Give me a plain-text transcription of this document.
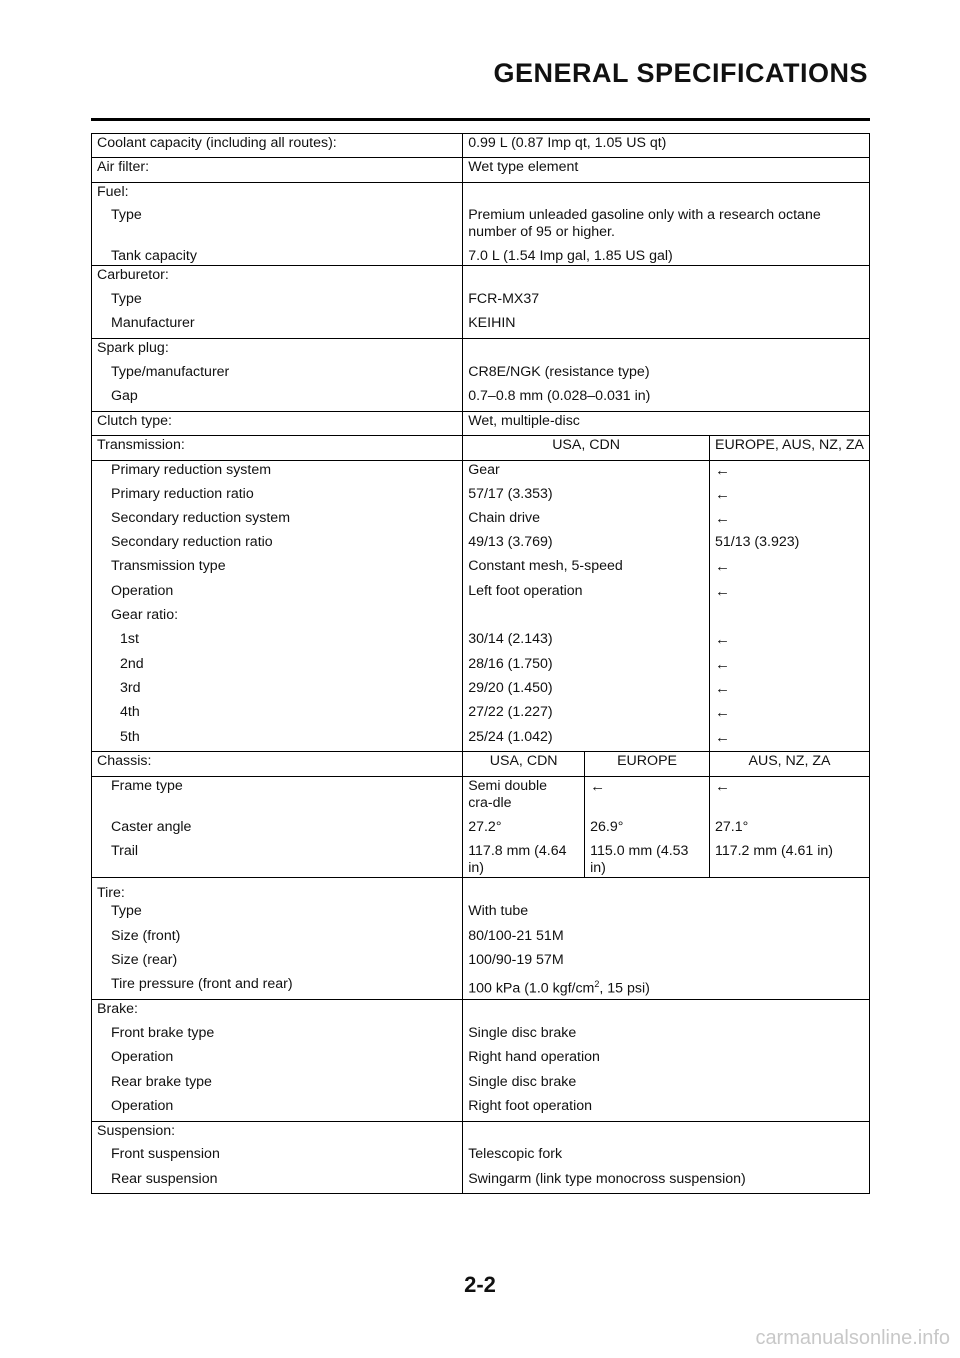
GENERAL SPECIFICATIONS
Coolant capacity (including all routes):	0.99 L (0.87 Imp qt, 1.05 US qt)		
Air filter:	Wet type element		
Fuel:			
Type	Premium unleaded gasoline only with a research octane number of 95 or higher.		
Tank capacity	7.0 L (1.54 Imp gal, 1.85 US gal)		
Carburetor:			
Type	FCR-MX37		
Manufacturer	KEIHIN		
Spark plug:			
Type/manufacturer	CR8E/NGK (resistance type)		
Gap	0.7–0.8 mm (0.028–0.031 in)		
Clutch type:	Wet, multiple-disc		
Transmission:	USA, CDN		EUROPE, AUS, NZ, ZA
Primary reduction system	Gear		←
Primary reduction ratio	57/17 (3.353)		←
Secondary reduction system	Chain drive		←
Secondary reduction ratio	49/13 (3.769)		51/13 (3.923)
Transmission type	Constant mesh, 5-speed		←
Operation	Left foot operation		←
Gear ratio:			
1st	30/14 (2.143)		←
2nd	28/16 (1.750)		←
3rd	29/20 (1.450)		←
4th	27/22 (1.227)		←
5th	25/24 (1.042)		←
Chassis:	USA, CDN	EUROPE	AUS, NZ, ZA
Frame type	Semi double cra-dle	←	←
Caster angle	27.2°	26.9°	27.1°
Trail	117.8 mm (4.64 in)	115.0 mm (4.53 in)	117.2 mm (4.61 in)
Tire:			
Type	With tube		
Size (front)	80/100-21 51M		
Size (rear)	100/90-19 57M		
Tire pressure (front and rear)	100 kPa (1.0 kgf/$cm^2$, 15 psi)		
Brake:			
Front brake type	Single disc brake		
Operation	Right hand operation		
Rear brake type	Single disc brake		
Operation	Right foot operation		
Suspension:			
Front suspension	Telescopic fork		
Rear suspension	Swingarm (link type monocross suspension)		
2-2
carmanualsonline.info
